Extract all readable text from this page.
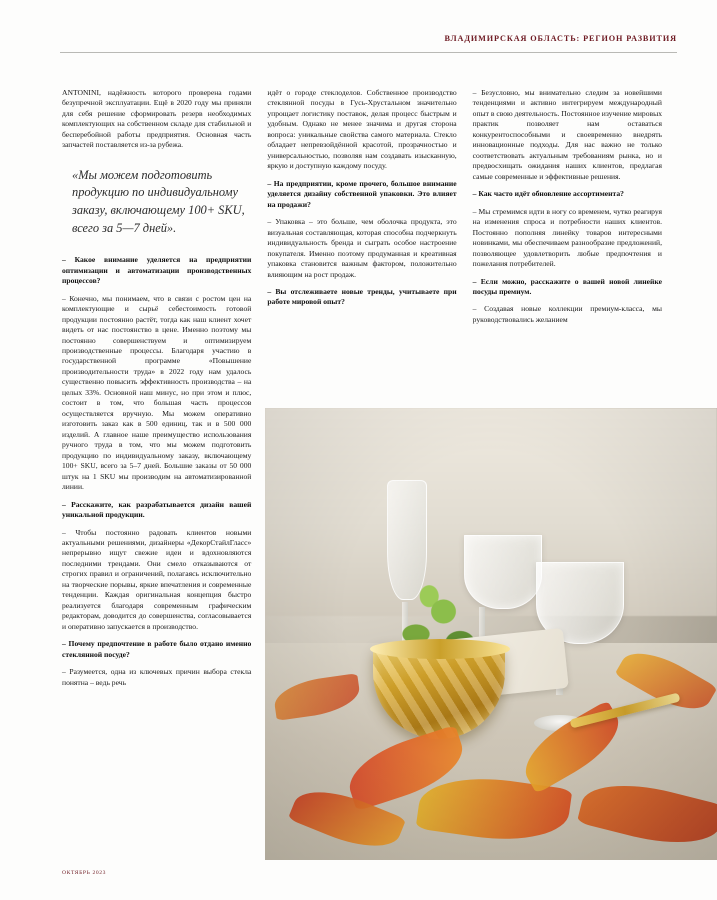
ВЛАДИМИРСКАЯ ОБЛАСТЬ: РЕГИОН РАЗВИТИЯ

ANTONINI, надёжность которого проверена годами безупречной эксплуатации. Ещё в 2020 году мы приняли для себя решение сформировать резерв необходимых комплектующих на собственном складе для стабильной и бесперебойной работы предприятия. Основная часть запчастей поставляется из-за рубежа.

«Мы можем подготовить продукцию по индивидуальному заказу, включающему 100+ SKU, всего за 5—7 дней».

– Какое внимание уделяется на предприятии оптимизации и автоматизации производственных процессов?

– Конечно, мы понимаем, что в связи с ростом цен на комплектующие и сырьё себестоимость готовой продукции постоянно растёт, тогда как наш клиент хочет видеть от нас постоянство в цене. Именно поэтому мы постоянно совершенствуем и оптимизируем производственные процессы. Благодаря участию в государственной программе «Повышение производительности труда» в 2022 году нам удалось существенно повысить эффективность производства – на целых 33%. Основной наш минус, но при этом и плюс, состоит в том, что большая часть процессов осуществляется вручную. Мы можем оперативно изготовить заказ как в 500 единиц, так и в 500 000 изделий. А главное наше преимущество использования ручного труда в том, что мы можем подготовить продукцию по индивидуальному заказу, включающему 100+ SKU, всего за 5–7 дней. Большие заказы от 50 000 штук на 1 SKU мы производим на автоматизированной линии.

– Расскажите, как разрабатывается дизайн вашей уникальной продукции.

– Чтобы постоянно радовать клиентов новыми актуальными решениями, дизайнеры «ДекорСтайлГласс» непрерывно ищут свежие идеи и вдохновляются последними трендами. Они смело отказываются от строгих правил и ограничений, полагаясь исключительно на творческие порывы, яркие впечатления и современные тенденции. Каждая оригинальная концепция быстро реализуется благодаря современным графическим редакторам, доводится до совершенства, согласовывается и оперативно запускается в производство.

– Почему предпочтение в работе было отдано именно стеклянной посуде?

– Разумеется, одна из ключевых причин выбора стекла понятна – ведь речь

идёт о городе стеклоделов. Собственное производство стеклянной посуды в Гусь-Хрустальном значительно упрощает логистику поставок, делая процесс быстрым и удобным. Однако не менее значима и другая сторона вопроса: уникальные свойства самого материала. Стекло обладает непревзойдённой красотой, прозрачностью и универсальностью, позволяя нам создавать изысканную, яркую и доступную каждому посуду.

– На предприятии, кроме прочего, большое внимание уделяется дизайну собственной упаковки. Это влияет на продажи?

– Упаковка – это больше, чем оболочка продукта, это визуальная составляющая, которая способна подчеркнуть индивидуальность бренда и сыграть особое настроение покупателя. Именно поэтому продуманная и креативная упаковка становится важным фактором, положительно влияющим на рост продаж.

– Вы отслеживаете новые тренды, учитываете при работе мировой опыт?

– Безусловно, мы внимательно следим за новейшими тенденциями и активно интегрируем международный опыт в свою деятельность. Постоянное изучение мировых практик позволяет нам оставаться конкурентоспособными и своевременно внедрять инновационные подходы. Для нас важно не только соответствовать актуальным требованиям рынка, но и предвосхищать ожидания наших клиентов, предлагая самые современные и эффективные решения.

– Как часто идёт обновление ассортимента?

– Мы стремимся идти в ногу со временем, чутко реагируя на изменения спроса и потребности наших клиентов. Постоянно пополняя линейку товаров интересными новинками, мы обеспечиваем разнообразие предложений, позволяющее удовлетворить любые предпочтения и пожелания потребителей.

– Если можно, расскажите о вашей новой линейке посуды премиум.

– Создавая новые коллекции премиум-класса, мы руководствовались желанием

ОКТЯБРЬ 2023
